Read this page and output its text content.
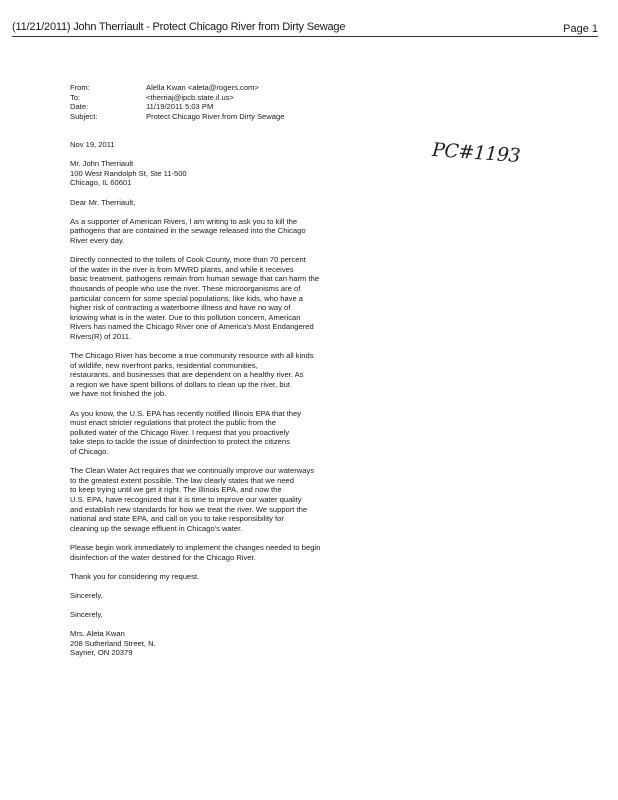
(11/21/2011) John Therriault - Protect Chicago River from Dirty Sewage	Page 1
From:	Alella Kwan <aleta@rogers.com>
To:	<therriaj@ipcb.state.il.us>
Date:	11/19/2011 5:03 PM
Subject:	Protect Chicago River from Dirty Sewage
PC#1193

Nov 19, 2011

Mr. John Therriault
100 West Randolph St, Ste 11-500
Chicago, IL 60601

Dear Mr. Therriault,

As a supporter of American Rivers, I am writing to ask you to kill the
pathogens that are contained in the sewage released into the Chicago
River every day.

Directly connected to the toilets of Cook County, more than 70 percent
of the water in the river is from MWRD plants, and while it receives
basic treatment, pathogens remain from human sewage that can harm the
thousands of people who use the river. These microorganisms are of
particular concern for some special populations, like kids, who have a
higher risk of contracting a waterborne illness and have no way of
knowing what is in the water. Due to this pollution concern, American
Rivers has named the Chicago River one of America's Most Endangered
Rivers(R) of 2011.

The Chicago River has become a true community resource with all kinds
of wildlife, new riverfront parks, residential communities,
restaurants, and businesses that are dependent on a healthy river. As
a region we have spent billions of dollars to clean up the river, but
we have not finished the job.

As you know, the U.S. EPA has recently notified Illinois EPA that they
must enact stricter regulations that protect the public from the
polluted water of the Chicago River. I request that you proactively
take steps to tackle the issue of disinfection to protect the citizens
of Chicago.

The Clean Water Act requires that we continually improve our waterways
to the greatest extent possible. The law clearly states that we need
to keep trying until we get it right. The Illinois EPA, and now the
U.S. EPA, have recognized that it is time to improve our water quality
and establish new standards for how we treat the river. We support the
national and state EPA, and call on you to take responsibility for
cleaning up the sewage effluent in Chicago's water.

Please begin work immediately to implement the changes needed to begin
disinfection of the water destined for the Chicago River.

Thank you for considering my request.

Sincerely,

Sincerely,

Mrs. Aleta Kwan
208 Sutherland Street, N.
Sayner, ON 20379
